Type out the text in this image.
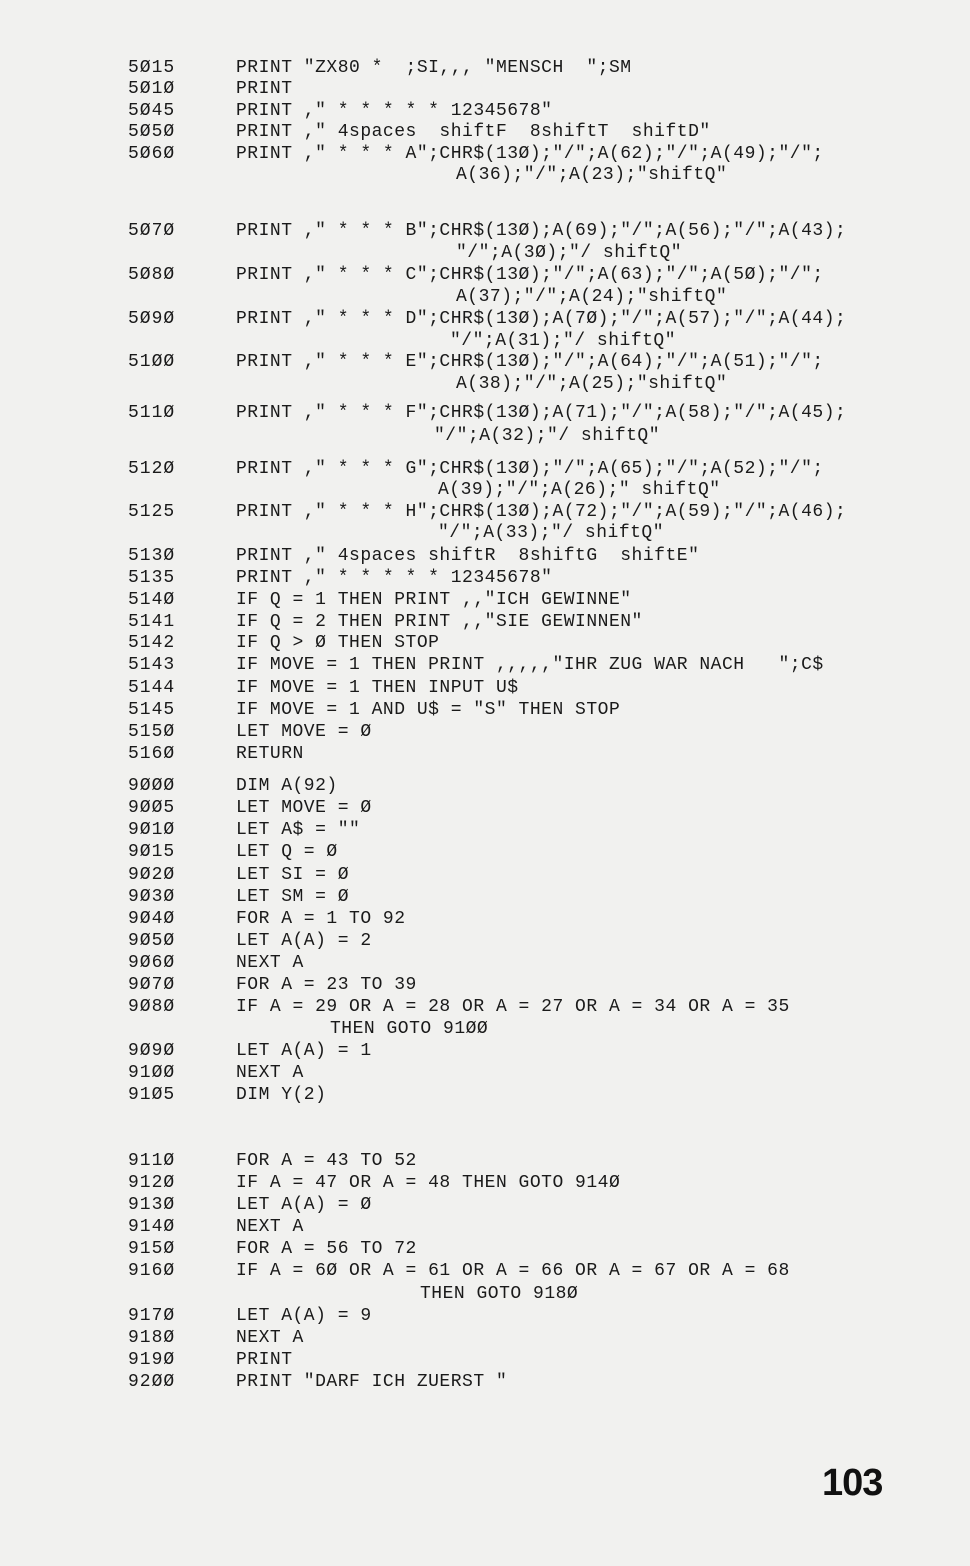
5Ø15	PRINT "ZX80 *  ;SI,,, "MENSCH  ";SM
5Ø1Ø	PRINT
5Ø45	PRINT ," * * * * * 12345678"
5Ø5Ø	PRINT ," 4spaces  shiftF  8shiftT  shiftD"
5Ø6Ø	PRINT ," * * * A";CHR$(13Ø);"/";A(62);"/";A(49);"/";
A(36);"/";A(23);"shiftQ"
5Ø7Ø	PRINT ," * * * B";CHR$(13Ø);A(69);"/";A(56);"/";A(43);
"/";A(3Ø);"/ shiftQ"
5Ø8Ø	PRINT ," * * * C";CHR$(13Ø);"/";A(63);"/";A(5Ø);"/";
A(37);"/";A(24);"shiftQ"
5Ø9Ø	PRINT ," * * * D";CHR$(13Ø);A(7Ø);"/";A(57);"/";A(44);
"/";A(31);"/ shiftQ"
51ØØ	PRINT ," * * * E";CHR$(13Ø);"/";A(64);"/";A(51);"/";
A(38);"/";A(25);"shiftQ"
511Ø	PRINT ," * * * F";CHR$(13Ø);A(71);"/";A(58);"/";A(45);
"/";A(32);"/ shiftQ"
512Ø	PRINT ," * * * G";CHR$(13Ø);"/";A(65);"/";A(52);"/";
A(39);"/";A(26);" shiftQ"
5125	PRINT ," * * * H";CHR$(13Ø);A(72);"/";A(59);"/";A(46);
"/";A(33);"/ shiftQ"
513Ø	PRINT ," 4spaces shiftR  8shiftG  shiftE"
5135	PRINT ," * * * * * 12345678"
514Ø	IF Q = 1 THEN PRINT ,,"ICH GEWINNE"
5141	IF Q = 2 THEN PRINT ,,"SIE GEWINNEN"
5142	IF Q > Ø THEN STOP
5143	IF MOVE = 1 THEN PRINT ,,,,,"IHR ZUG WAR NACH   ";C$
5144	IF MOVE = 1 THEN INPUT U$
5145	IF MOVE = 1 AND U$ = "S" THEN STOP
515Ø	LET MOVE = Ø
516Ø	RETURN
9ØØØ	DIM A(92)
9ØØ5	LET MOVE = Ø
9Ø1Ø	LET A$ = ""
9Ø15	LET Q = Ø
9Ø2Ø	LET SI = Ø
9Ø3Ø	LET SM = Ø
9Ø4Ø	FOR A = 1 TO 92
9Ø5Ø	LET A(A) = 2
9Ø6Ø	NEXT A
9Ø7Ø	FOR A = 23 TO 39
9Ø8Ø	IF A = 29 OR A = 28 OR A = 27 OR A = 34 OR A = 35
THEN GOTO 91ØØ
9Ø9Ø	LET A(A) = 1
91ØØ	NEXT A
91Ø5	DIM Y(2)
911Ø	FOR A = 43 TO 52
912Ø	IF A = 47 OR A = 48 THEN GOTO 914Ø
913Ø	LET A(A) = Ø
914Ø	NEXT A
915Ø	FOR A = 56 TO 72
916Ø	IF A = 6Ø OR A = 61 OR A = 66 OR A = 67 OR A = 68
THEN GOTO 918Ø
917Ø	LET A(A) = 9
918Ø	NEXT A
919Ø	PRINT
92ØØ	PRINT "DARF ICH ZUERST "
103
